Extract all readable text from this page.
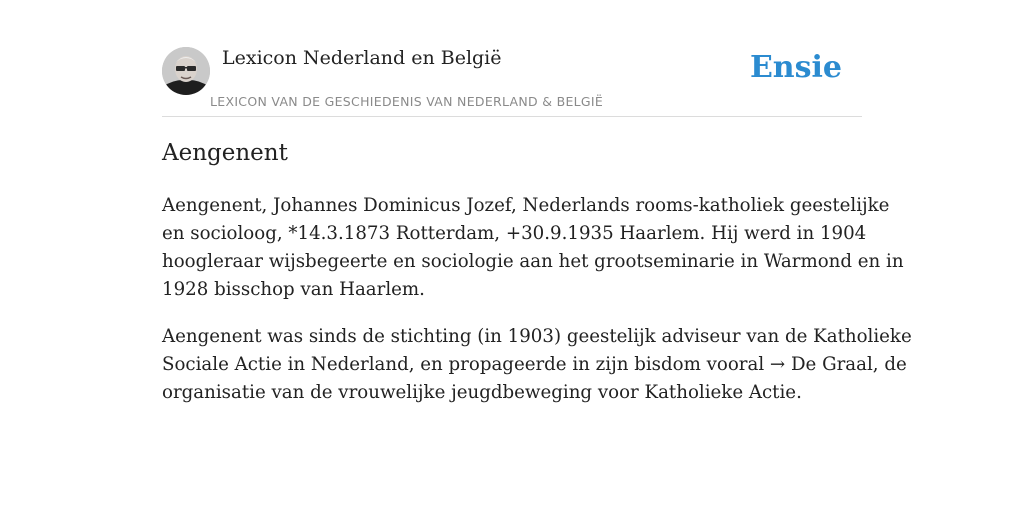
Lexicon Nederland en België
LEXICON VAN DE GESCHIEDENIS VAN NEDERLAND & BELGIË
Ensie
Aengenent

Aengenent, Johannes Dominicus Jozef, Nederlands rooms-katholiek geestelijke
en socioloog, *14.3.1873 Rotterdam, +30.9.1935 Haarlem. Hij werd in 1904
hoogleraar wijsbegeerte en sociologie aan het grootseminarie in Warmond en in
1928 bisschop van Haarlem.

Aengenent was sinds de stichting (in 1903) geestelijk adviseur van de Katholieke
Sociale Actie in Nederland, en propageerde in zijn bisdom vooral → De Graal, de
organisatie van de vrouwelijke jeugdbeweging voor Katholieke Actie.
